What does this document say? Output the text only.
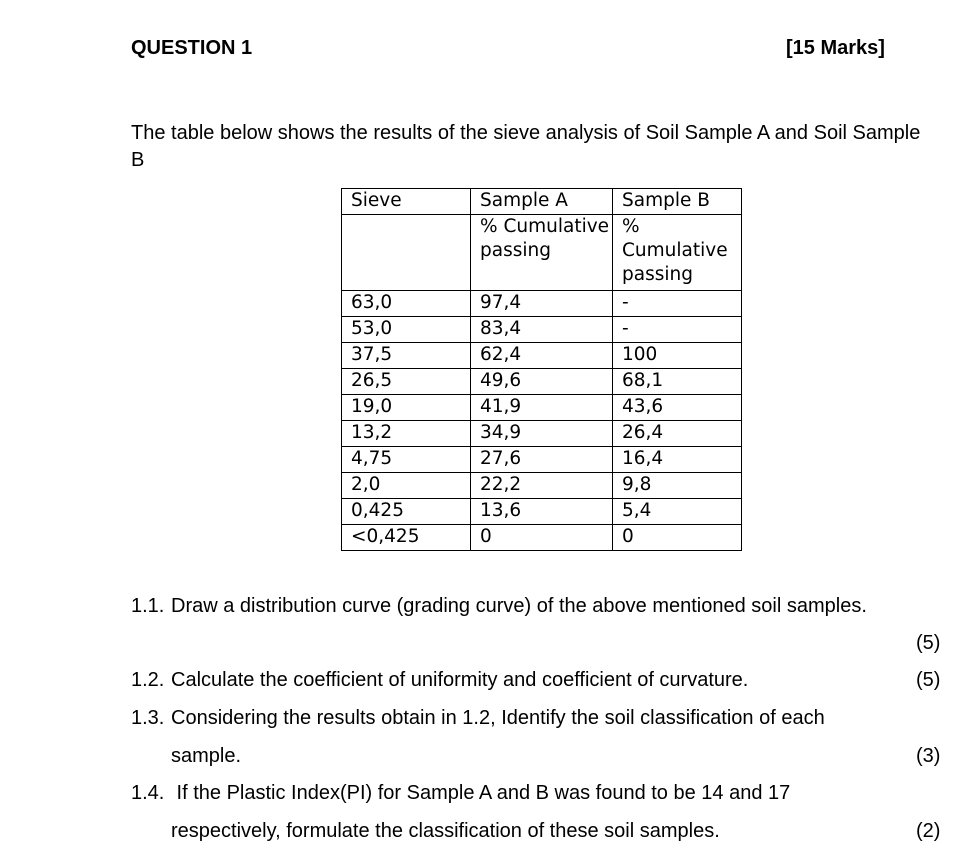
QUESTION 1	[15 Marks]
The table below shows the results of the sieve analysis of Soil Sample A and Soil Sample B
Sieve	Sample A	Sample B
	% Cumulative passing	% Cumulative passing
63,0	97,4	-
53,0	83,4	-
37,5	62,4	100
26,5	49,6	68,1
19,0	41,9	43,6
13,2	34,9	26,4
4,75	27,6	16,4
2,0	22,2	9,8
0,425	13,6	5,4
<0,425	0	0
1.1. Draw a distribution curve (grading curve) of the above mentioned soil samples.
(5)
1.2. Calculate the coefficient of uniformity and coefficient of curvature.	(5)
1.3. Considering the results obtain in 1.2, Identify the soil classification of each
sample.	(3)
1.4. If the Plastic Index(PI) for Sample A and B was found to be 14 and 17
respectively, formulate the classification of these soil samples.	(2)
